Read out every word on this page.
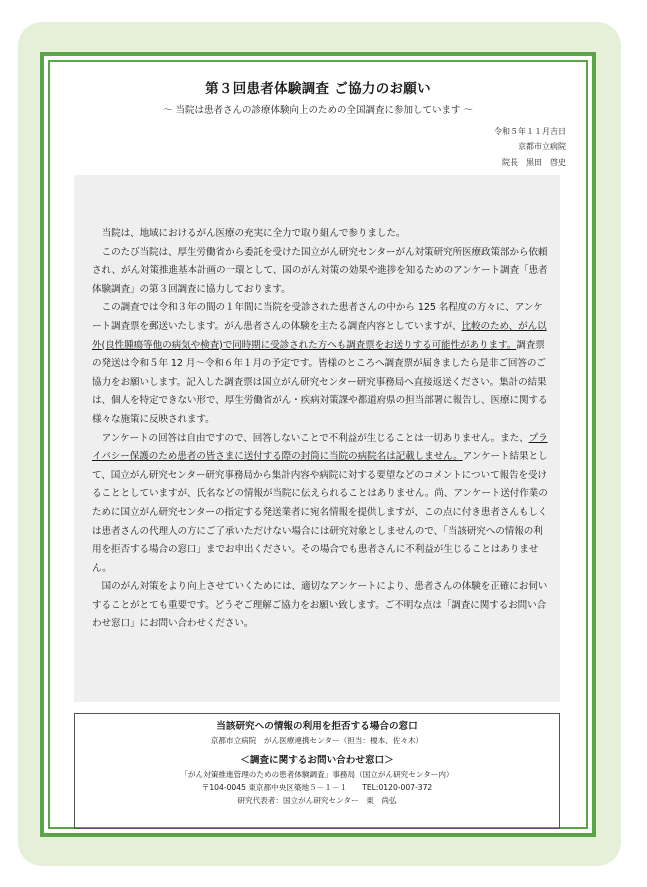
第３回患者体験調査 ご協力のお願い
～ 当院は患者さんの診療体験向上のための全国調査に参加しています ～
令和５年１１月吉日
京都市立病院
院長　黒田　啓史

当院は、地域におけるがん医療の充実に全力で取り組んで参りました。

このたび当院は、厚生労働省から委託を受けた国立がん研究センターがん対策研究所医療政策部から依頼され、がん対策推進基本計画の一環として、国のがん対策の効果や進捗を知るためのアンケート調査「患者体験調査」の第３回調査に協力しております。

この調査では令和３年の間の１年間に当院を受診された患者さんの中から 125 名程度の方々に、アンケート調査票を郵送いたします。がん患者さんの体験を主たる調査内容としていますが、比較のため、がん以外(良性腫瘍等他の病気や検査)で同時期に受診された方へも調査票をお送りする可能性があります。調査票の発送は令和５年 12 月～令和６年１月の予定です。皆様のところへ調査票が届きましたら是非ご回答のご協力をお願いします。記入した調査票は国立がん研究センター研究事務局へ直接返送ください。集計の結果は、個人を特定できない形で、厚生労働省がん・疾病対策課や都道府県の担当部署に報告し、医療に関する様々な施策に反映されます。

アンケートの回答は自由ですので、回答しないことで不利益が生じることは一切ありません。また、プライバシー保護のため患者の皆さまに送付する際の封筒に当院の病院名は記載しません。アンケート結果として、国立がん研究センター研究事務局から集計内容や病院に対する要望などのコメントについて報告を受けることとしていますが、氏名などの情報が当院に伝えられることはありません。尚、アンケート送付作業のために国立がん研究センターの指定する発送業者に宛名情報を提供しますが、この点に付き患者さんもしくは患者さんの代理人の方にご了承いただけない場合には研究対象としませんので、「当該研究への情報の利用を拒否する場合の窓口」までお申出ください。その場合でも患者さんに不利益が生じることはありません。

国のがん対策をより向上させていくためには、適切なアンケートにより、患者さんの体験を正確にお伺いすることがとても重要です。どうぞご理解ご協力をお願い致します。ご不明な点は「調査に関するお問い合わせ窓口」にお問い合わせください。

当該研究への情報の利用を拒否する場合の窓口
京都市立病院　がん医療連携センター（担当：榎本、佐々木）
＜調査に関するお問い合わせ窓口＞
「がん対策推進管理のための患者体験調査」事務局（国立がん研究センター内）
〒104-0045 東京都中央区築地５－１－１　　TEL:0120-007-372
研究代表者：国立がん研究センター　東　尚弘
